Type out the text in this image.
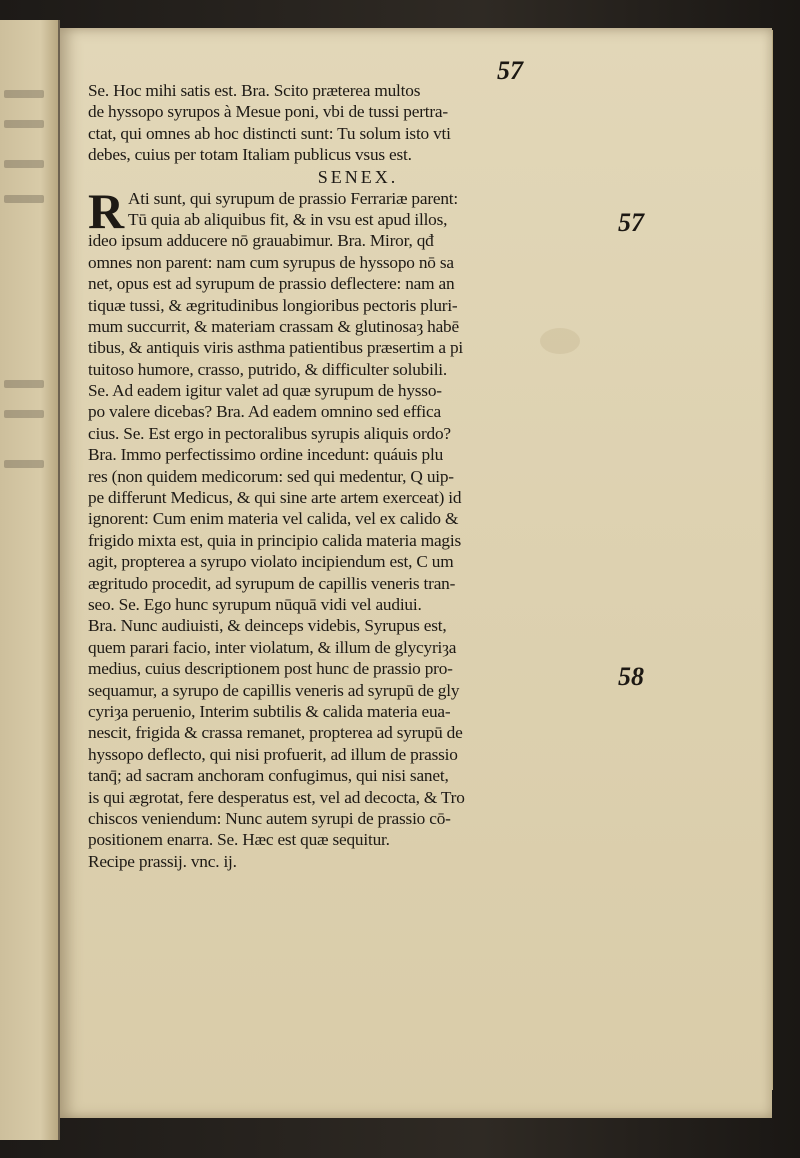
57
57
58
Se. Hoc mihi satis est. Bra. Scito præterea multos
de hyssopo syrupos à Mesue poni, vbi de tussi pertra-
ctat, qui omnes ab hoc distincti sunt: Tu solum isto vti
debes, cuius per totam Italiam publicus vsus est.
SENEX.
R Ati sunt, qui syrupum de prassio Ferrariæ parent:
Tū quia ab aliquibus fit, & in vsu est apud illos,
ideo ipsum adducere nō grauabimur. Bra. Miror, qđ
omnes non parent: nam cum syrupus de hyssopo nō sa
net, opus est ad syrupum de prassio deflectere: nam an
tiquæ tussi, & ægritudinibus longioribus pectoris pluri-
mum succurrit, & materiam crassam & glutinosaȝ habē
tibus, & antiquis viris asthma patientibus præsertim a pi
tuitoso humore, crasso, putrido, & difficulter solubili.
Se. Ad eadem igitur valet ad quæ syrupum de hysso-
po valere dicebas? Bra. Ad eadem omnino sed effica
cius. Se. Est ergo in pectoralibus syrupis aliquis ordo?
Bra. Immo perfectissimo ordine incedunt: quáuis plu
res (non quidem medicorum: sed qui medentur, Q uip-
pe differunt Medicus, & qui sine arte artem exerceat) id
ignorent: Cum enim materia vel calida, vel ex calido &
frigido mixta est, quia in principio calida materia magis
agit, propterea a syrupo violato incipiendum est, C um
ægritudo procedit, ad syrupum de capillis veneris tran-
seo. Se. Ego hunc syrupum nūquā vidi vel audiui.
Bra. Nunc audiuisti, & deinceps videbis, Syrupus est,
quem parari facio, inter violatum, & illum de glycyriȝa
medius, cuius descriptionem post hunc de prassio pro-
sequamur, a syrupo de capillis veneris ad syrupū de gly
cyriȝa peruenio, Interim subtilis & calida materia eua-
nescit, frigida & crassa remanet, propterea ad syrupū de
hyssopo deflecto, qui nisi profuerit, ad illum de prassio
tanq̄; ad sacram anchoram confugimus, qui nisi sanet,
is qui ægrotat, fere desperatus est, vel ad decocta, & Tro
chiscos veniendum: Nunc autem syrupi de prassio cō-
positionem enarra. Se. Hæc est quæ sequitur.
Recipe prassij. vnc. ij.
